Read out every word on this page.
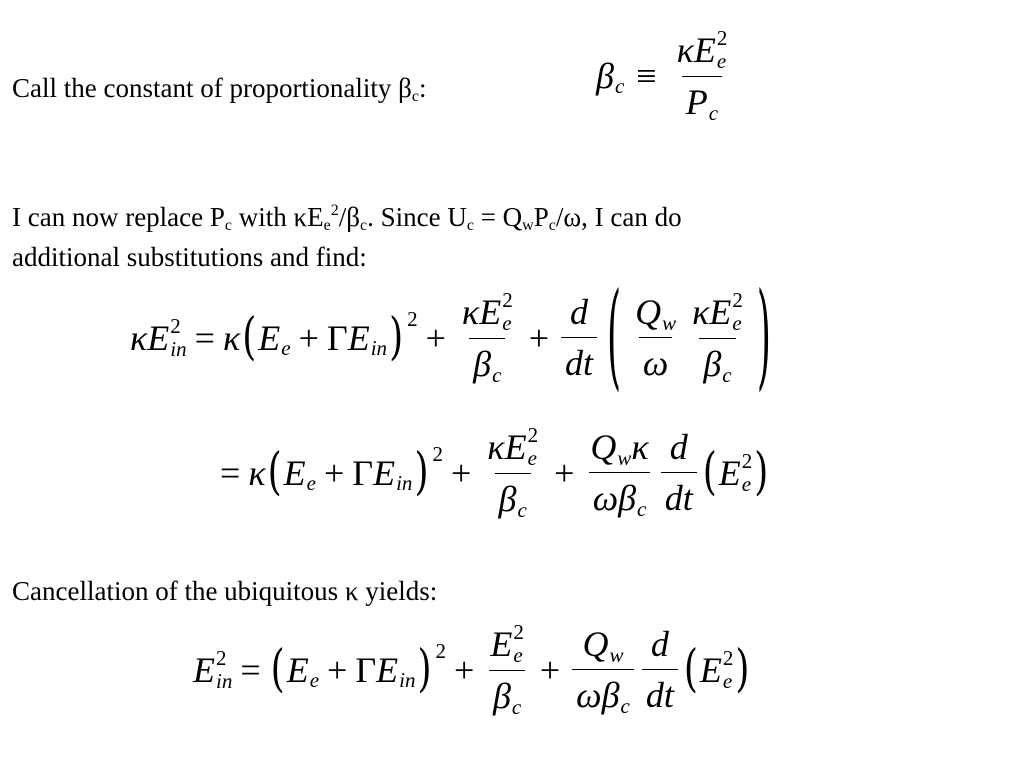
Call the constant of proportionality $\beta_c$:	β c ≡ κ E 2
e
P c
I can now replace $P_c$ with $\kappa E_e^2/\beta_c$. Since $U_c = Q_wP_c/\omega$, I can do
additional substitutions and find:
κ E 2
in = κ ( E e + Γ E in ) 2 + κ E 2
e
β $c + \frac{d}{dt}$ ( $\frac{\text{Q w}}{\omega}$ κ E 2
e
β c )
= κ ( E e + Γ E in ) 2 + κ E 2
e
β $c + \frac{\text{Q w κ}}{\text{ω β c}} \frac{d}{dt}$ ( E 2
e )
Cancellation of the ubiquitous κ yields:
E 2
in = ( E e + Γ E in ) 2 + E 2
e
β $c + \frac{\text{Q w}}{\text{ω β c}} \frac{d}{dt}$ ( E 2
e )
